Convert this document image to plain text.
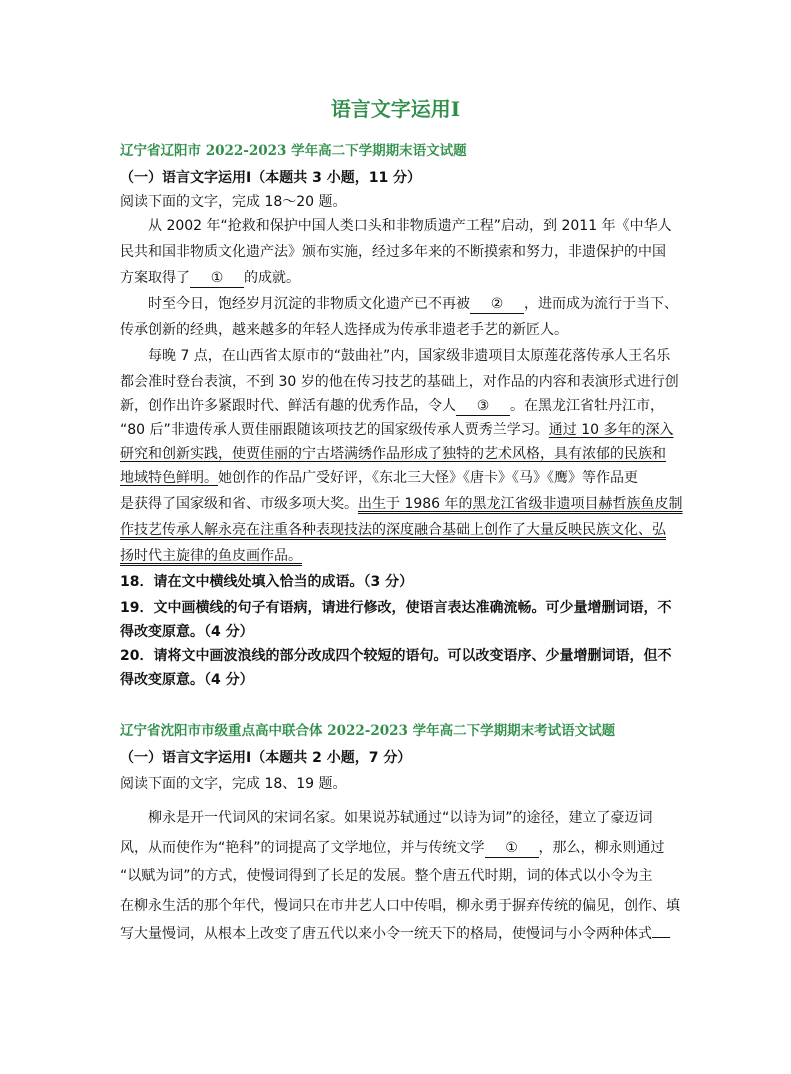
语言文字运用Ⅰ
辽宁省辽阳市 2022-2023 学年高二下学期期末语文试题
（一）语言文字运用Ⅰ（本题共 3 小题，11 分）
阅读下面的文字，完成 18～20 题。
从 2002 年“抢救和保护中国人类口头和非物质遗产工程”启动，到 2011 年《中华人
民共和国非物质文化遗产法》颁布实施，经过多年来的不断摸索和努力，非遗保护的中国
方案取得了 ① 的成就。
时至今日，饱经岁月沉淀的非物质文化遗产已不再被 ② ，进而成为流行于当下、
传承创新的经典，越来越多的年轻人选择成为传承非遗老手艺的新匠人。
每晚 7 点，在山西省太原市的“鼓曲社”内，国家级非遗项目太原莲花落传承人王名乐
都会准时登台表演，不到 30 岁的他在传习技艺的基础上，对作品的内容和表演形式进行创
新，创作出许多紧跟时代、鲜活有趣的优秀作品，令人 ③ 。在黑龙江省牡丹江市，
“80 后”非遗传承人贾佳丽跟随该项技艺的国家级传承人贾秀兰学习。通过 10 多年的深入
研究和创新实践，使贾佳丽的宁古塔满绣作品形成了独特的艺术风格，具有浓郁的民族和
地域特色鲜明。她创作的作品广受好评，《东北三大怪》《唐卡》《马》《鹰》等作品更
是获得了国家级和省、市级多项大奖。出生于 1986 年的黑龙江省级非遗项目赫哲族鱼皮制
作技艺传承人解永亮在注重各种表现技法的深度融合基础上创作了大量反映民族文化、弘
扬时代主旋律的鱼皮画作品。
18．请在文中横线处填入恰当的成语。（3 分）
19．文中画横线的句子有语病，请进行修改，使语言表达准确流畅。可少量增删词语，不
得改变原意。（4 分）
20．请将文中画波浪线的部分改成四个较短的语句。可以改变语序、少量增删词语，但不
得改变原意。（4 分）
辽宁省沈阳市市级重点高中联合体 2022-2023 学年高二下学期期末考试语文试题
（一）语言文字运用Ⅰ（本题共 2 小题，7 分）
阅读下面的文字，完成 18、19 题。
柳永是开一代词风的宋词名家。如果说苏轼通过“以诗为词”的途径，建立了豪迈词
风，从而使作为“艳科”的词提高了文学地位，并与传统文学 ① ，那么，柳永则通过
“以赋为词”的方式，使慢词得到了长足的发展。整个唐五代时期，词的体式以小令为主
在柳永生活的那个年代，慢词只在市井艺人口中传唱，柳永勇于摒弃传统的偏见，创作、填
写大量慢词，从根本上改变了唐五代以来小令一统天下的格局，使慢词与小令两种体式
